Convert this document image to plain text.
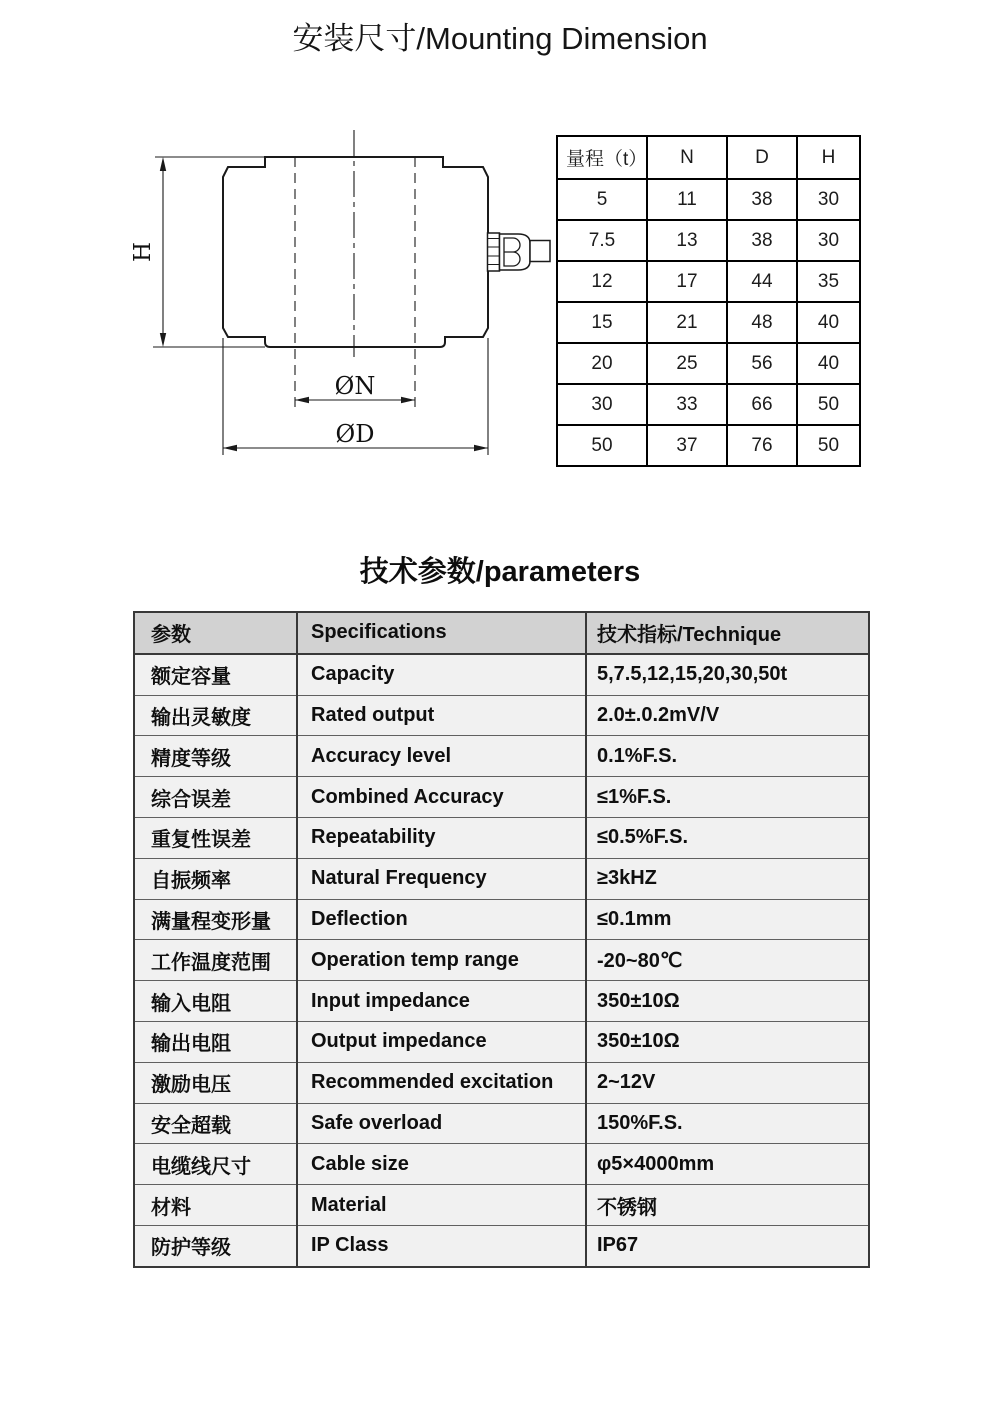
安装尺寸/Mounting Dimension
H
ØN
ØD
量程（t）	N	D	H
5	11	38	30
7.5	13	38	30
12	17	44	35
15	21	48	40
20	25	56	40
30	33	66	50
50	37	76	50
技术参数/parameters
参数	Specifications	技术指标/Technique
额定容量	Capacity	5,7.5,12,15,20,30,50t
输出灵敏度	Rated output	2.0±.0.2mV/V
精度等级	Accuracy level	0.1%F.S.
综合误差	Combined Accuracy	≤1%F.S.
重复性误差	Repeatability	≤0.5%F.S.
自振频率	Natural Frequency	≥3kHZ
满量程变形量	Deflection	≤0.1mm
工作温度范围	Operation temp range	-20~80℃
输入电阻	Input impedance	350±10Ω
输出电阻	Output impedance	350±10Ω
激励电压	Recommended excitation	2~12V
安全超载	Safe overload	150%F.S.
电缆线尺寸	Cable size	φ5×4000mm
材料	Material	不锈钢
防护等级	IP Class	IP67
